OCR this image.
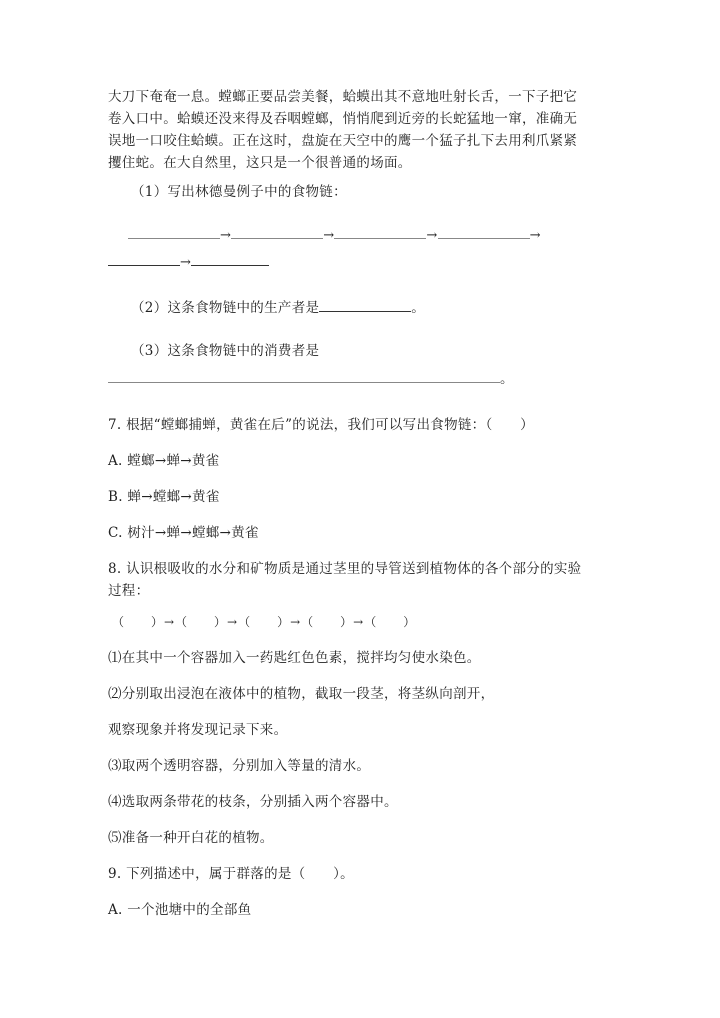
大刀下奄奄一息。螳螂正要品尝美餐，蛤蟆出其不意地吐射长舌，一下子把它
卷入口中。蛤蟆还没来得及吞咽螳螂，悄悄爬到近旁的长蛇猛地一窜，准确无
误地一口咬住蛤蟆。正在这时，盘旋在天空中的鹰一个猛子扎下去用利爪紧紧
攫住蛇。在大自然里，这只是一个很普通的场面。
（1）写出林德曼例子中的食物链：
→	→	→	→
→
（2）这条食物链中的生产者是	。
（3）这条食物链中的消费者是
。
7. 根据“螳螂捕蝉，黄雀在后”的说法，我们可以写出食物链：（　　）
A. 螳螂→蝉→黄雀
B. 蝉→螳螂→黄雀
C. 树汁→蝉→螳螂→黄雀
8. 认识根吸收的水分和矿物质是通过茎里的导管送到植物体的各个部分的实验
过程：
（　　）→（　　）→（　　）→（　　）→（　　）
⑴在其中一个容器加入一药匙红色色素，搅拌均匀使水染色。
⑵分别取出浸泡在液体中的植物，截取一段茎，将茎纵向剖开，
观察现象并将发现记录下来。
⑶取两个透明容器，分别加入等量的清水。
⑷选取两条带花的枝条，分别插入两个容器中。
⑸准备一种开白花的植物。
9. 下列描述中，属于群落的是（　　）。
A. 一个池塘中的全部鱼
